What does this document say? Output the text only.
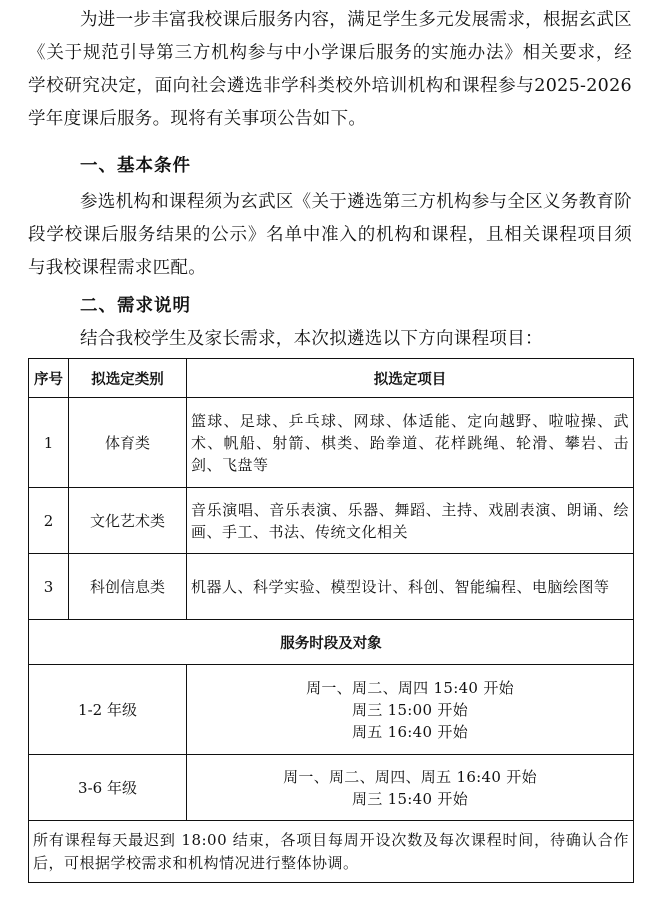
为进一步丰富我校课后服务内容，满足学生多元发展需求，根据玄武区《关于规范引导第三方机构参与中小学课后服务的实施办法》相关要求，经学校研究决定，面向社会遴选非学科类校外培训机构和课程参与2025-2026学年度课后服务。现将有关事项公告如下。
一、基本条件
参选机构和课程须为玄武区《关于遴选第三方机构参与全区义务教育阶段学校课后服务结果的公示》名单中准入的机构和课程，且相关课程项目须与我校课程需求匹配。
二、需求说明
结合我校学生及家长需求，本次拟遴选以下方向课程项目：
序号	拟选定类别	拟选定项目
1	体育类	篮球、足球、乒乓球、网球、体适能、定向越野、啦啦操、武术、帆船、射箭、棋类、跆拳道、花样跳绳、轮滑、攀岩、击剑、飞盘等
2	文化艺术类	音乐演唱、音乐表演、乐器、舞蹈、主持、戏剧表演、朗诵、绘画、手工、书法、传统文化相关
3	科创信息类	机器人、科学实验、模型设计、科创、智能编程、电脑绘图等
服务时段及对象		
1-2 年级		周一、周二、周四 15:40 开始
周三 15:00 开始
周五 16:40 开始

3-6 年级		周一、周二、周四、周五 16:40 开始
周三 15:40 开始

所有课程每天最迟到 18:00 结束，各项目每周开设次数及每次课程时间，待确认合作后，可根据学校需求和机构情况进行整体协调。		
